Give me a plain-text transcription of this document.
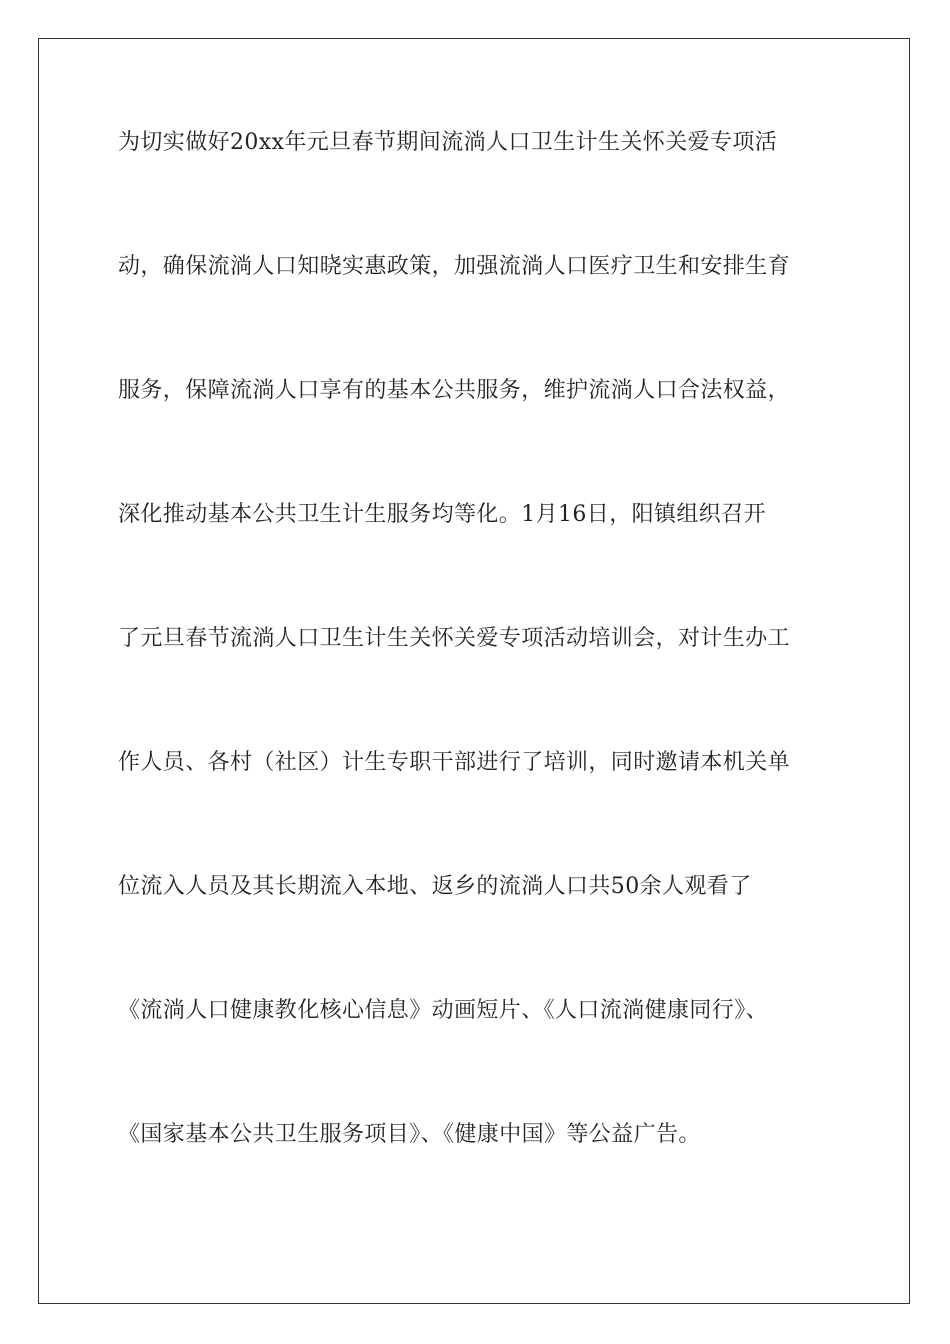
为切实做好20xx年元旦春节期间流淌人口卫生计生关怀关爱专项活
动，确保流淌人口知晓实惠政策，加强流淌人口医疗卫生和安排生育
服务，保障流淌人口享有的基本公共服务，维护流淌人口合法权益，
深化推动基本公共卫生计生服务均等化。1月16日，阳镇组织召开
了元旦春节流淌人口卫生计生关怀关爱专项活动培训会，对计生办工
作人员、各村（社区）计生专职干部进行了培训，同时邀请本机关单
位流入人员及其长期流入本地、返乡的流淌人口共50余人观看了
《流淌人口健康教化核心信息》动画短片、《人口流淌健康同行》、
《国家基本公共卫生服务项目》、《健康中国》等公益广告。
